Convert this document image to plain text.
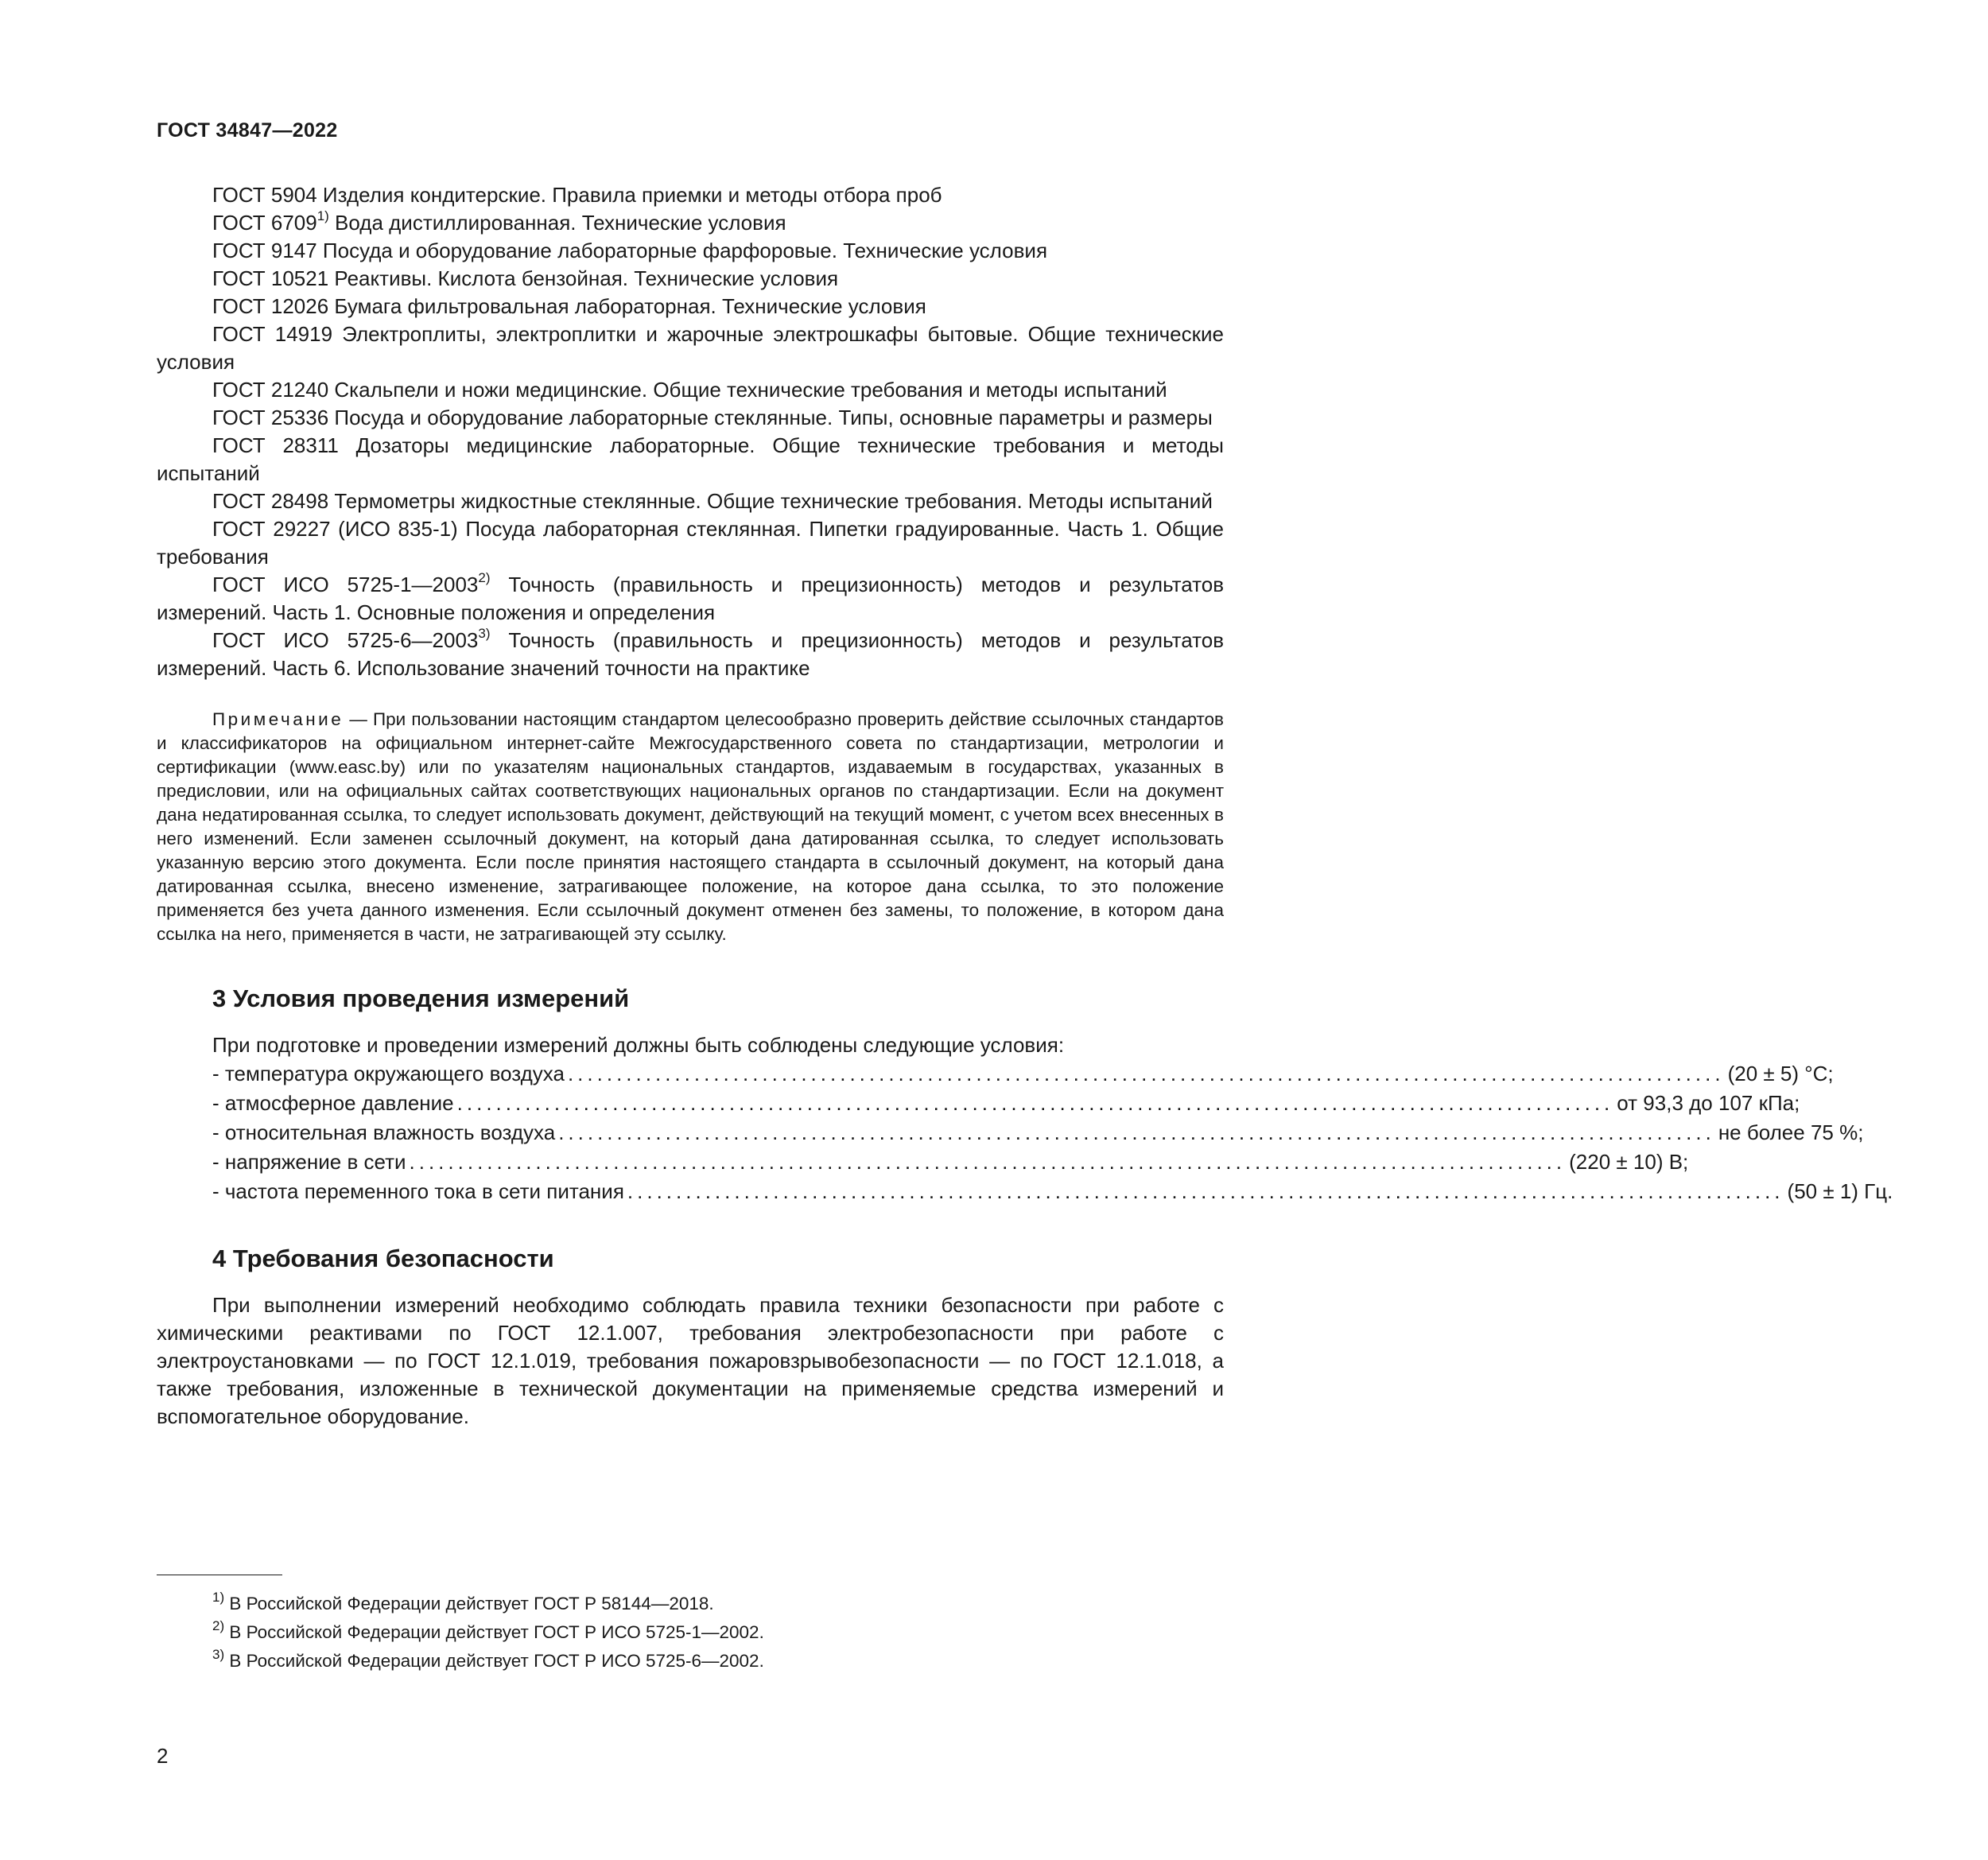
ГОСТ 34847—2022

ГОСТ 5904 Изделия кондитерские. Правила приемки и методы отбора проб

ГОСТ 6709$^{1)}$ Вода дистиллированная. Технические условия

ГОСТ 9147 Посуда и оборудование лабораторные фарфоровые. Технические условия

ГОСТ 10521 Реактивы. Кислота бензойная. Технические условия

ГОСТ 12026 Бумага фильтровальная лабораторная. Технические условия

ГОСТ 14919 Электроплиты, электроплитки и жарочные электрошкафы бытовые. Общие технические условия

ГОСТ 21240 Скальпели и ножи медицинские. Общие технические требования и методы испытаний

ГОСТ 25336 Посуда и оборудование лабораторные стеклянные. Типы, основные параметры и размеры

ГОСТ 28311 Дозаторы медицинские лабораторные. Общие технические требования и методы испытаний

ГОСТ 28498 Термометры жидкостные стеклянные. Общие технические требования. Методы испытаний

ГОСТ 29227 (ИСО 835-1) Посуда лабораторная стеклянная. Пипетки градуированные. Часть 1. Общие требования

ГОСТ ИСО 5725-1—2003$^{2)}$ Точность (правильность и прецизионность) методов и результатов измерений. Часть 1. Основные положения и определения

ГОСТ ИСО 5725-6—2003$^{3)}$ Точность (правильность и прецизионность) методов и результатов измерений. Часть 6. Использование значений точности на практике

Примечание — При пользовании настоящим стандартом целесообразно проверить действие ссылочных стандартов и классификаторов на официальном интернет-сайте Межгосударственного совета по стандартизации, метрологии и сертификации (www.easc.by) или по указателям национальных стандартов, издаваемым в государствах, указанных в предисловии, или на официальных сайтах соответствующих национальных органов по стандартизации. Если на документ дана недатированная ссылка, то следует использовать документ, действующий на текущий момент, с учетом всех внесенных в него изменений. Если заменен ссылочный документ, на который дана датированная ссылка, то следует использовать указанную версию этого документа. Если после принятия настоящего стандарта в ссылочный документ, на который дана датированная ссылка, внесено изменение, затрагивающее положение, на которое дана ссылка, то это положение применяется без учета данного изменения. Если ссылочный документ отменен без замены, то положение, в котором дана ссылка на него, применяется в части, не затрагивающей эту ссылку.

3 Условия проведения измерений

При подготовке и проведении измерений должны быть соблюдены следующие условия:

- температура окружающего воздуха ....................................................................................................................... (20 ± 5) °С;
- атмосферное давление ....................................................................................................................... от 93,3 до 107 кПа;
- относительная влажность воздуха ....................................................................................................................... не более 75 %;
- напряжение в сети ....................................................................................................................... (220 ± 10) В;
- частота переменного тока в сети питания ....................................................................................................................... (50 ± 1) Гц.
4 Требования безопасности

При выполнении измерений необходимо соблюдать правила техники безопасности при работе с химическими реактивами по ГОСТ 12.1.007, требования электробезопасности при работе с электроустановками — по ГОСТ 12.1.019, требования пожаровзрывобезопасности — по ГОСТ 12.1.018, а также требования, изложенные в технической документации на применяемые средства измерений и вспомогательное оборудование.

$^{1)}$ В Российской Федерации действует ГОСТ Р 58144—2018.

$^{2)}$ В Российской Федерации действует ГОСТ Р ИСО 5725-1—2002.

$^{3)}$ В Российской Федерации действует ГОСТ Р ИСО 5725-6—2002.

2
